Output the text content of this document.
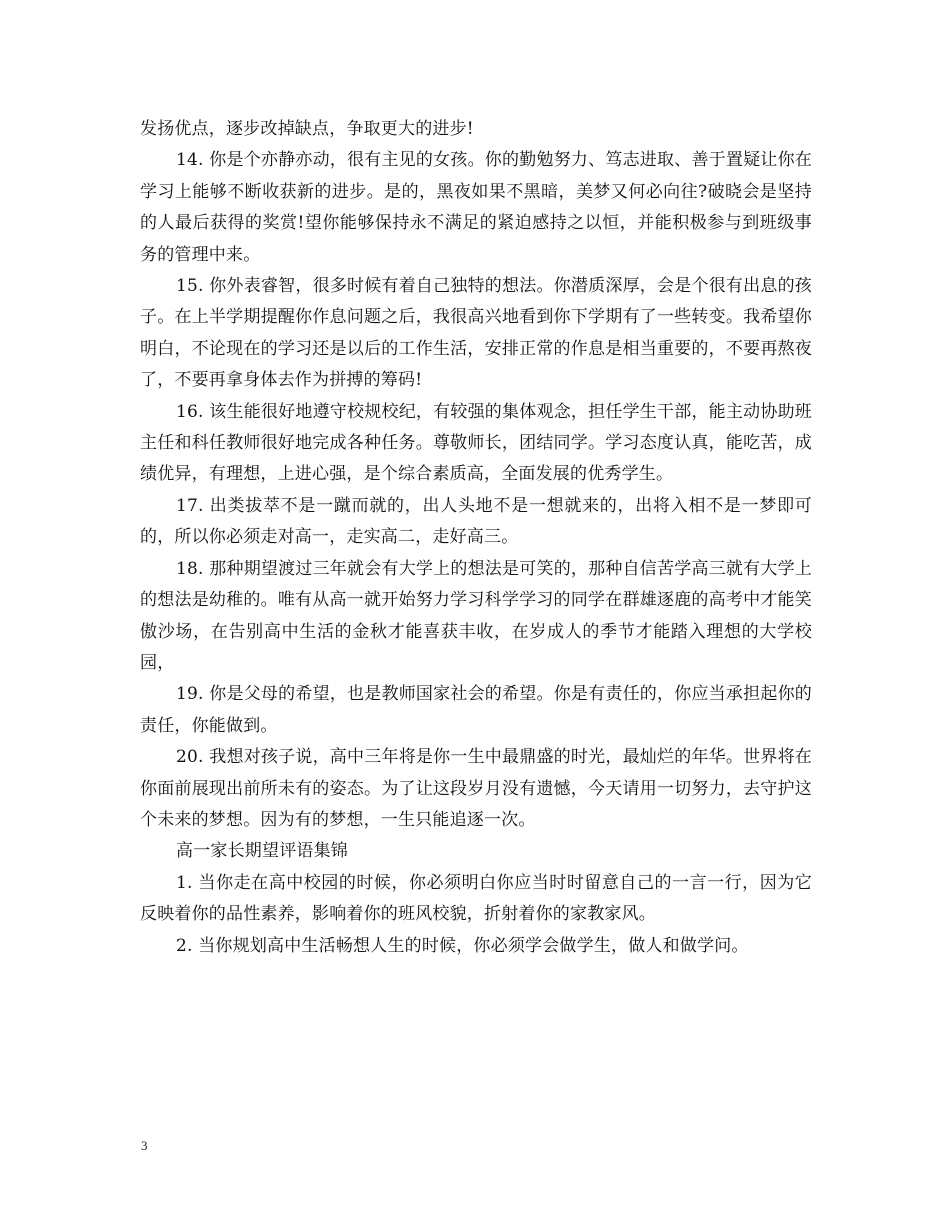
发扬优点，逐步改掉缺点，争取更大的进步!

14. 你是个亦静亦动，很有主见的女孩。你的勤勉努力、笃志进取、善于置疑让你在学习上能够不断收获新的进步。是的，黑夜如果不黑暗，美梦又何必向往?破晓会是坚持的人最后获得的奖赏!望你能够保持永不满足的紧迫感持之以恒，并能积极参与到班级事务的管理中来。

15. 你外表睿智，很多时候有着自己独特的想法。你潜质深厚，会是个很有出息的孩子。在上半学期提醒你作息问题之后，我很高兴地看到你下学期有了一些转变。我希望你明白，不论现在的学习还是以后的工作生活，安排正常的作息是相当重要的，不要再熬夜了，不要再拿身体去作为拼搏的筹码!

16. 该生能很好地遵守校规校纪，有较强的集体观念，担任学生干部，能主动协助班主任和科任教师很好地完成各种任务。尊敬师长，团结同学。学习态度认真，能吃苦，成绩优异，有理想，上进心强，是个综合素质高，全面发展的优秀学生。

17. 出类拔萃不是一蹴而就的，出人头地不是一想就来的，出将入相不是一梦即可的，所以你必须走对高一，走实高二，走好高三。

18. 那种期望渡过三年就会有大学上的想法是可笑的，那种自信苦学高三就有大学上的想法是幼稚的。唯有从高一就开始努力学习科学学习的同学在群雄逐鹿的高考中才能笑傲沙场，在告别高中生活的金秋才能喜获丰收，在岁成人的季节才能踏入理想的大学校园，

19. 你是父母的希望，也是教师国家社会的希望。你是有责任的，你应当承担起你的责任，你能做到。

20. 我想对孩子说，高中三年将是你一生中最鼎盛的时光，最灿烂的年华。世界将在你面前展现出前所未有的姿态。为了让这段岁月没有遗憾，今天请用一切努力，去守护这个未来的梦想。因为有的梦想，一生只能追逐一次。

高一家长期望评语集锦

1. 当你走在高中校园的时候，你必须明白你应当时时留意自己的一言一行，因为它反映着你的品性素养，影响着你的班风校貌，折射着你的家教家风。

2. 当你规划高中生活畅想人生的时候，你必须学会做学生，做人和做学问。

3
